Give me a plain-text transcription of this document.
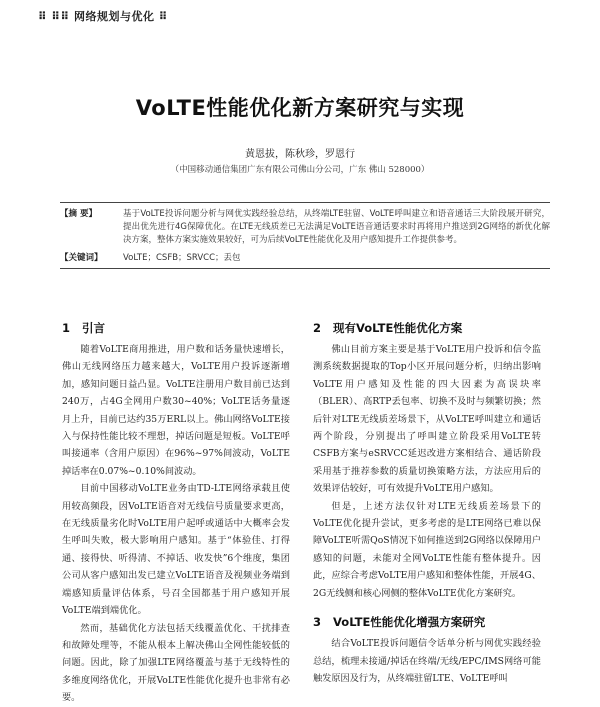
⠿ ⠿⠿ 网络规划与优化 ⠿
VoLTE性能优化新方案研究与实现
黄恩拔，陈秋珍，罗恩行
（中国移动通信集团广东有限公司佛山分公司，广东 佛山 528000）
【摘 要】	基于VoLTE投诉问题分析与网优实践经验总结，从终端LTE驻留、VoLTE呼叫建立和语音通话三大阶段展开研究，提出优先进行4G保障优化。在LTE无线质差已无法满足VoLTE语音通话要求时再将用户推送到2G网络的新优化解决方案，整体方案实施效果较好，可为后续VoLTE性能优化及用户感知提升工作提供参考。
【关键词】 VoLTE；CSFB；SRVCC；丢包
1 引言

随着VoLTE商用推进，用户数和话务量快速增长，佛山无线网络压力越来越大，VoLTE用户投诉逐渐增加，感知问题日益凸显。VoLTE注册用户数目前已达到240万，占4G全网用户数30~40%；VoLTE话务量逐月上升，目前已达约35万ERL以上。佛山网络VoLTE接入与保持性能比较不理想，掉话问题是短板。VoLTE呼叫接通率（含用户原因）在96%~97%间波动，VoLTE掉话率在0.07%~0.10%间波动。

目前中国移动VoLTE业务由TD-LTE网络承载且使用较高频段，因VoLTE语音对无线信号质量要求更高，在无线质量劣化时VoLTE用户起呼或通话中大概率会发生呼叫失败，极大影响用户感知。基于“体验佳、打得通、接得快、听得清、不掉话、收发快”6个维度，集团公司从客户感知出发已建立VoLTE语音及视频业务端到端感知质量评估体系，号召全国都基于用户感知开展VoLTE端到端优化。

然而，基础优化方法包括天线覆盖优化、干扰排查和故障处理等，不能从根本上解决佛山全网性能较低的问题。因此，除了加强LTE网络覆盖与基于无线特性的多维度网络优化，开展VoLTE性能优化提升也非常有必要。

2 现有VoLTE性能优化方案

佛山目前方案主要是基于VoLTE用户投诉和信令监测系统数据提取的Top小区开展问题分析，归纳出影响VoLTE用户感知及性能的四大因素为高误块率（BLER）、高RTP丢包率、切换不及时与频繁切换；然后针对LTE无线质差场景下，从VoLTE呼叫建立和通话两个阶段，分别提出了呼叫建立阶段采用VoLTE转CSFB方案与eSRVCC延迟改进方案相结合、通话阶段采用基于推荐参数的质量切换策略方法，方法应用后的效果评估较好，可有效提升VoLTE用户感知。

但是，上述方法仅针对LTE无线质差场景下的VoLTE优化提升尝试，更多考虑的是LTE网络已难以保障VoLTE听需QoS情况下如何推送到2G网络以保障用户感知的问题，未能对全网VoLTE性能有整体提升。因此，应综合考虑VoLTE用户感知和整体性能，开展4G、2G无线侧和核心网侧的整体VoLTE优化方案研究。

3 VoLTE性能优化增强方案研究

结合VoLTE投诉问题信令话单分析与网优实践经验总结，梳理未接通/掉话在终端/无线/EPC/IMS网络可能触发原因及行为，从终端驻留LTE、VoLTE呼叫
